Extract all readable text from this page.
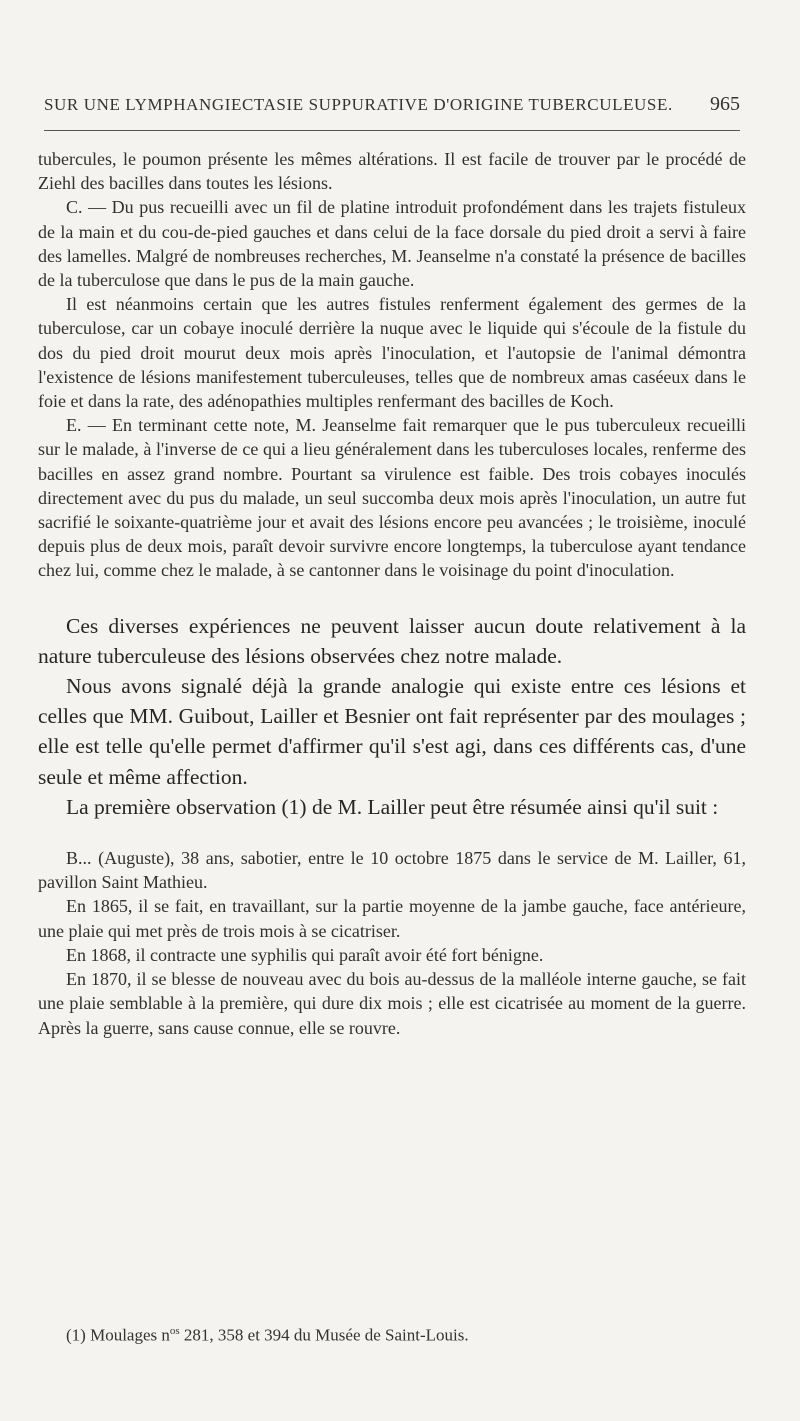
SUR UNE LYMPHANGIECTASIE SUPPURATIVE D'ORIGINE TUBERCULEUSE. 965

tubercules, le poumon présente les mêmes altérations. Il est facile de trouver par le procédé de Ziehl des bacilles dans toutes les lésions.

C. — Du pus recueilli avec un fil de platine introduit profondément dans les trajets fistuleux de la main et du cou-de-pied gauches et dans celui de la face dorsale du pied droit a servi à faire des lamelles. Malgré de nombreuses recherches, M. Jeanselme n'a constaté la présence de bacilles de la tuberculose que dans le pus de la main gauche.

Il est néanmoins certain que les autres fistules renferment également des germes de la tuberculose, car un cobaye inoculé derrière la nuque avec le liquide qui s'écoule de la fistule du dos du pied droit mourut deux mois après l'inoculation, et l'autopsie de l'animal démontra l'existence de lésions manifestement tuberculeuses, telles que de nombreux amas caséeux dans le foie et dans la rate, des adénopathies multiples renfermant des bacilles de Koch.

E. — En terminant cette note, M. Jeanselme fait remarquer que le pus tuberculeux recueilli sur le malade, à l'inverse de ce qui a lieu généralement dans les tuberculoses locales, renferme des bacilles en assez grand nombre. Pourtant sa virulence est faible. Des trois cobayes inoculés directement avec du pus du malade, un seul succomba deux mois après l'inoculation, un autre fut sacrifié le soixante-quatrième jour et avait des lésions encore peu avancées ; le troisième, inoculé depuis plus de deux mois, paraît devoir survivre encore longtemps, la tuberculose ayant tendance chez lui, comme chez le malade, à se cantonner dans le voisinage du point d'inoculation.

Ces diverses expériences ne peuvent laisser aucun doute relativement à la nature tuberculeuse des lésions observées chez notre malade.

Nous avons signalé déjà la grande analogie qui existe entre ces lésions et celles que MM. Guibout, Lailler et Besnier ont fait représenter par des moulages ; elle est telle qu'elle permet d'affirmer qu'il s'est agi, dans ces différents cas, d'une seule et même affection.

La première observation (1) de M. Lailler peut être résumée ainsi qu'il suit :

B... (Auguste), 38 ans, sabotier, entre le 10 octobre 1875 dans le service de M. Lailler, 61, pavillon Saint Mathieu.

En 1865, il se fait, en travaillant, sur la partie moyenne de la jambe gauche, face antérieure, une plaie qui met près de trois mois à se cicatriser.

En 1868, il contracte une syphilis qui paraît avoir été fort bénigne.

En 1870, il se blesse de nouveau avec du bois au-dessus de la malléole interne gauche, se fait une plaie semblable à la première, qui dure dix mois ; elle est cicatrisée au moment de la guerre. Après la guerre, sans cause connue, elle se rouvre.

(1) Moulages $n^{os}$ 281, 358 et 394 du Musée de Saint-Louis.
